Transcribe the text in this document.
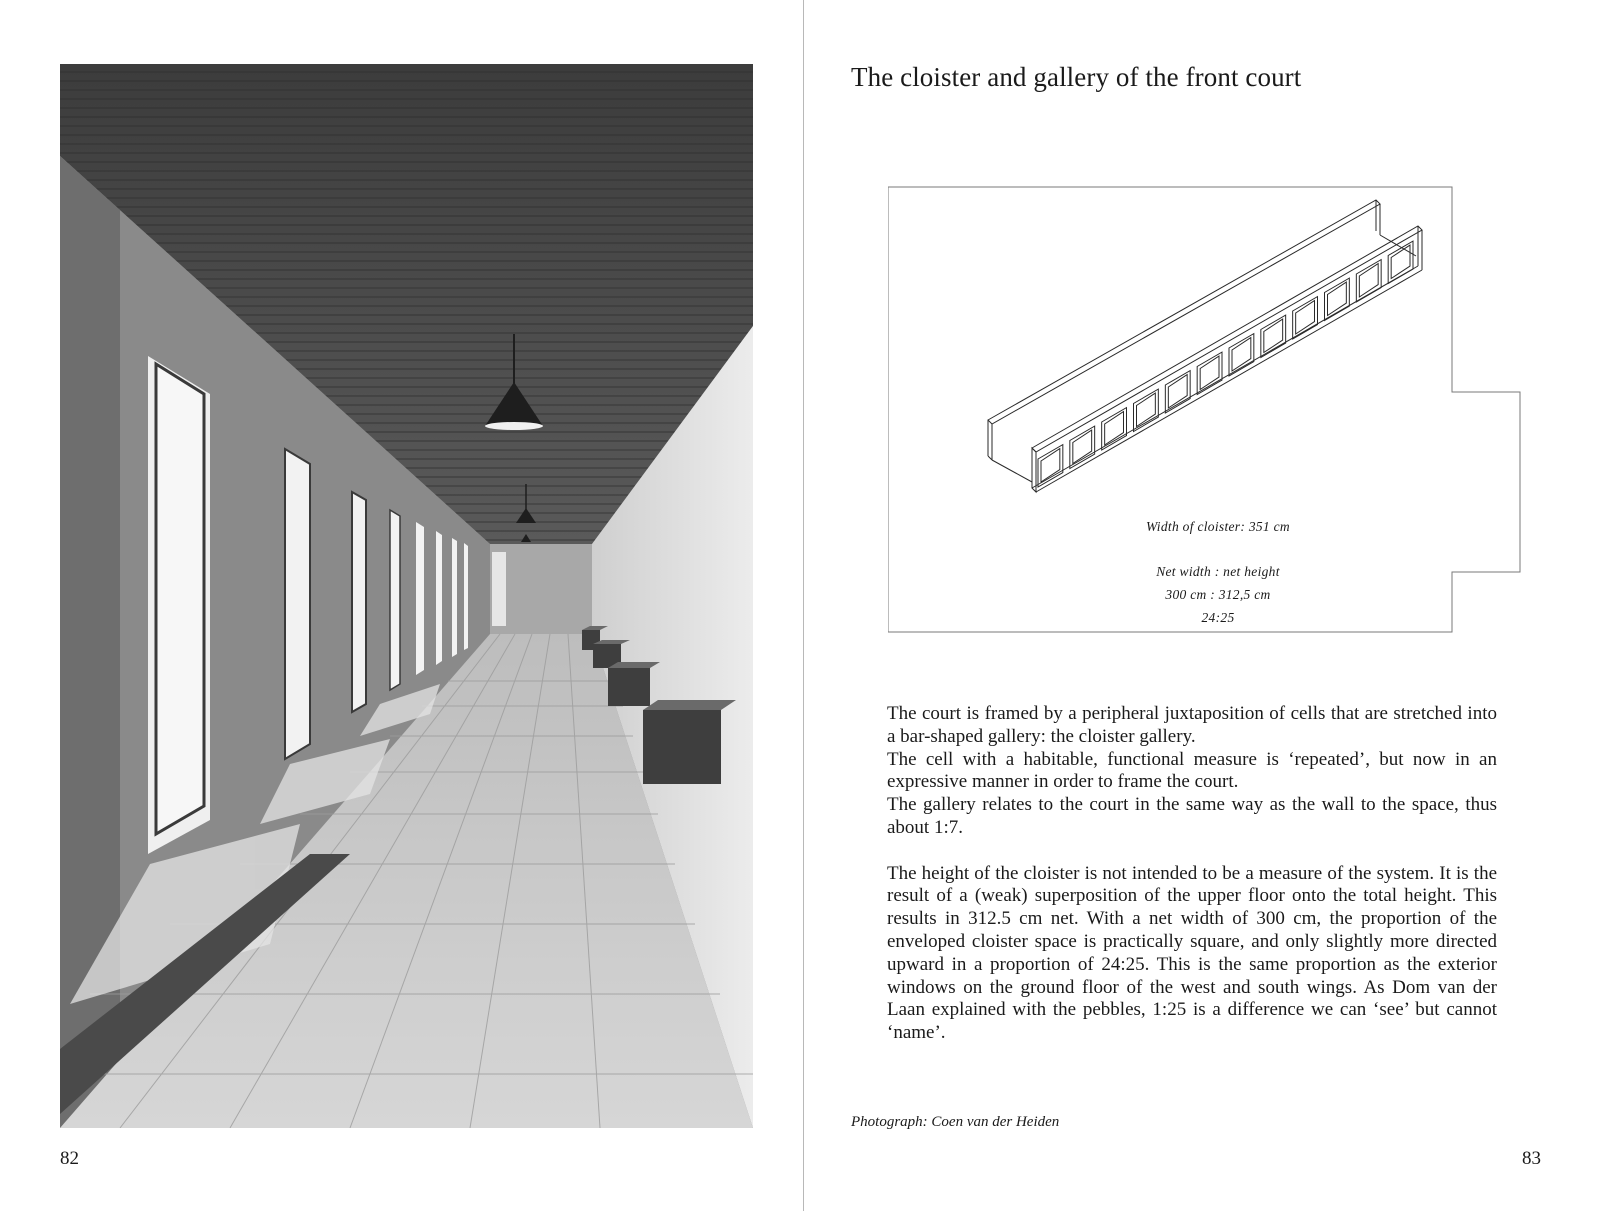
82
The cloister and gallery of the front court
Width of cloister: 351 cm
Net width : net height
300 cm : 312,5 cm
24:25

The court is framed by a peripheral juxtaposition of cells that are stretched into a bar-shaped gallery: the cloister gallery.
The cell with a habitable, functional measure is ‘repeated’, but now in an expressive manner in order to frame the court.
The gallery relates to the court in the same way as the wall to the space, thus about 1:7.

The height of the cloister is not intended to be a measure of the system. It is the result of a (weak) superposition of the upper floor onto the total height. This results in 312.5 cm net. With a net width of 300 cm, the proportion of the enveloped cloister space is practically square, and only slightly more directed upward in a proportion of 24:25. This is the same proportion as the exterior windows on the ground floor of the west and south wings. As Dom van der Laan explained with the pebbles, 1:25 is a difference we can ‘see’ but cannot ‘name’.

Photograph: Coen van der Heiden
83
